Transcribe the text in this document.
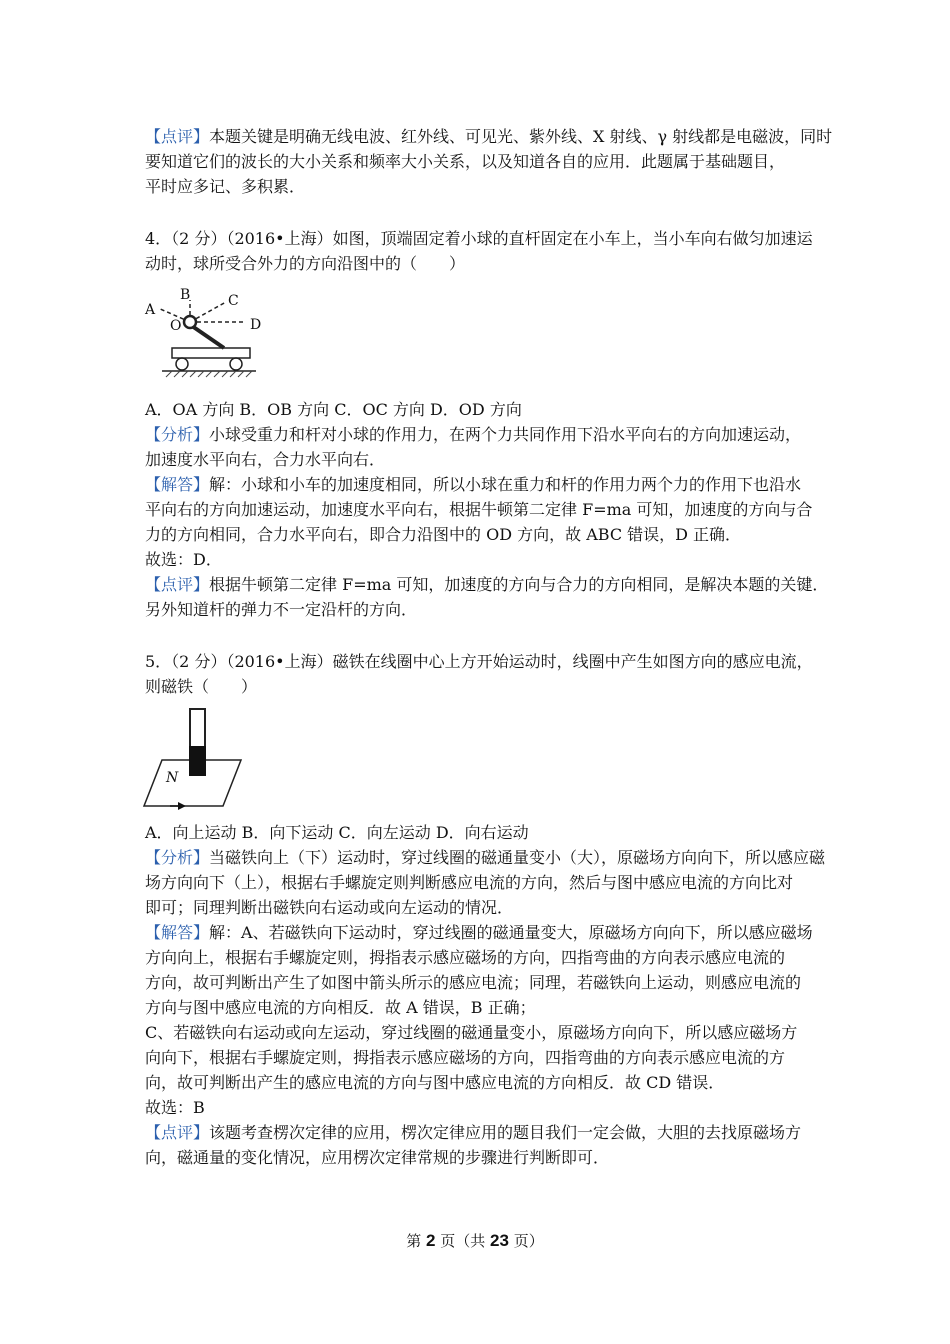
【点评】本题关键是明确无线电波、红外线、可见光、紫外线、X 射线、γ 射线都是电磁波，同时
要知道它们的波长的大小关系和频率大小关系，以及知道各自的应用．此题属于基础题目，
平时应多记、多积累．
4．（2 分）（2016•上海）如图，顶端固定着小球的直杆固定在小车上，当小车向右做匀加速运
动时，球所受合外力的方向沿图中的（　　）
A
B	C
O	D
A．OA 方向 B．OB 方向 C．OC 方向 D．OD 方向
【分析】小球受重力和杆对小球的作用力，在两个力共同作用下沿水平向右的方向加速运动，
加速度水平向右，合力水平向右．
【解答】解：小球和小车的加速度相同，所以小球在重力和杆的作用力两个力的作用下也沿水
平向右的方向加速运动，加速度水平向右，根据牛顿第二定律 F=ma 可知，加速度的方向与合
力的方向相同，合力水平向右，即合力沿图中的 OD 方向，故 ABC 错误，D 正确．
故选：D．
【点评】根据牛顿第二定律 F=ma 可知，加速度的方向与合力的方向相同，是解决本题的关键．
另外知道杆的弹力不一定沿杆的方向．
5．（2 分）（2016•上海）磁铁在线圈中心上方开始运动时，线圈中产生如图方向的感应电流，
则磁铁（　　）
N
A．向上运动 B．向下运动 C．向左运动 D．向右运动
【分析】当磁铁向上（下）运动时，穿过线圈的磁通量变小（大），原磁场方向向下，所以感应磁
场方向向下（上），根据右手螺旋定则判断感应电流的方向，然后与图中感应电流的方向比对
即可；同理判断出磁铁向右运动或向左运动的情况．
【解答】解：A、若磁铁向下运动时，穿过线圈的磁通量变大，原磁场方向向下，所以感应磁场
方向向上，根据右手螺旋定则，拇指表示感应磁场的方向，四指弯曲的方向表示感应电流的
方向，故可判断出产生了如图中箭头所示的感应电流；同理，若磁铁向上运动，则感应电流的
方向与图中感应电流的方向相反．故 A 错误，B 正确；
C、若磁铁向右运动或向左运动，穿过线圈的磁通量变小，原磁场方向向下，所以感应磁场方
向向下，根据右手螺旋定则，拇指表示感应磁场的方向，四指弯曲的方向表示感应电流的方
向，故可判断出产生的感应电流的方向与图中感应电流的方向相反．故 CD 错误．
故选：B
【点评】该题考查楞次定律的应用，楞次定律应用的题目我们一定会做，大胆的去找原磁场方
向，磁通量的变化情况，应用楞次定律常规的步骤进行判断即可．
第 2 页（共 23 页）
